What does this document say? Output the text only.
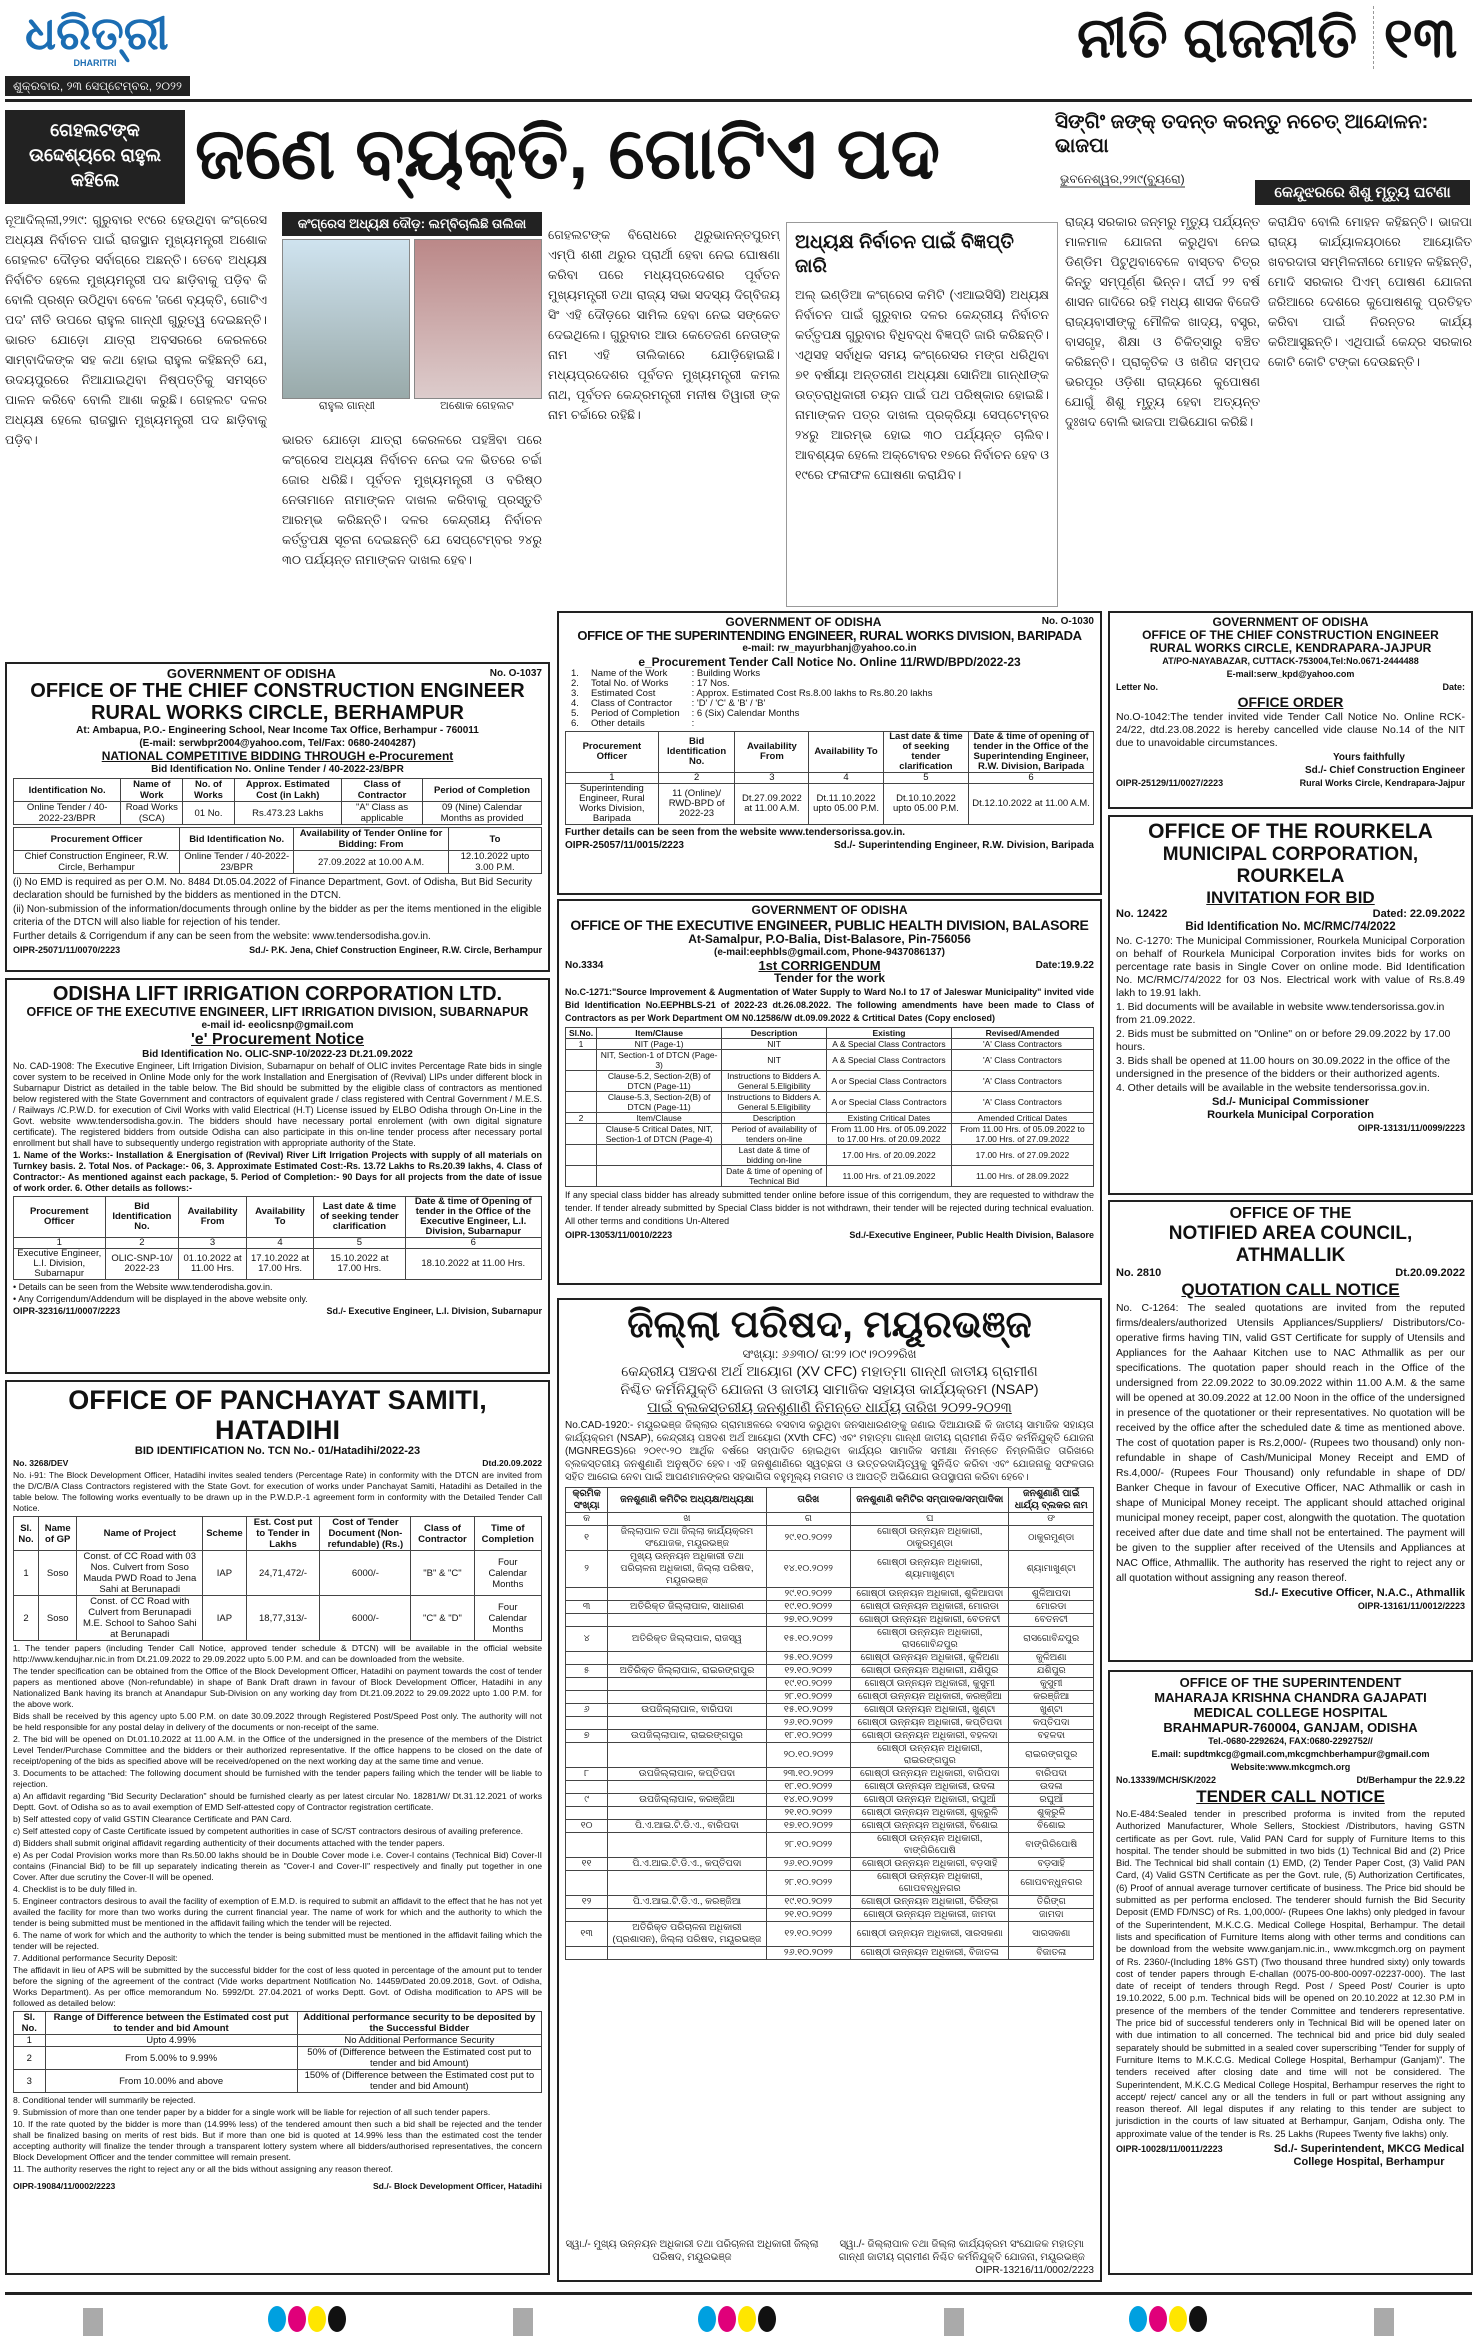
ଧରିତ୍ରୀ
DHARITRI
ଶୁକ୍ରବାର, ୨୩ ସେପ୍ଟେମ୍ବର, ୨୦୨୨
ନୀତି ରାଜନୀତି ୧୩
ଗେହଲଟଙ୍କ ଉଦ୍ଦେଶ୍ୟରେ ରାହୁଲ କହିଲେ	ଜଣେ ବ୍ୟକ୍ତି, ଗୋଟିଏ ପଦ	ସିଙ୍ଗିଂ ଜଙ୍କ୍ ତଦନ୍ତ କରନ୍ତୁ ନଚେତ୍ ଆନ୍ଦୋଳନ: ଭାଜପା
ଭୁବନେଶ୍ୱର,୨୨ା୯(ବ୍ୟୁରୋ)
କେନ୍ଦୁଝରରେ ଶିଶୁ ମୃତ୍ୟୁ ଘଟଣା
ନୂଆଦିଲ୍ଲୀ,୨୨ା୯: ଗୁରୁବାର ୧୯ରେ ହେଉଥିବା କଂଗ୍ରେସ ଅଧ୍ୟକ୍ଷ ନିର୍ବାଚନ ପାଇଁ ରାଜସ୍ଥାନ ମୁଖ୍ୟମନ୍ତ୍ରୀ ଅଶୋକ ଗେହଲଟ ଦୌଡ଼ର ସର୍ବାଗ୍ରେ ଅଛନ୍ତି। ତେବେ ଅଧ୍ୟକ୍ଷ ନିର୍ବାଚିତ ହେଲେ ମୁଖ୍ୟମନ୍ତ୍ରୀ ପଦ ଛାଡ଼ିବାକୁ ପଡ଼ିବ କି ବୋଲି ପ୍ରଶ୍ନ ଉଠିଥିବା ବେଳେ 'ଜଣେ ବ୍ୟକ୍ତି, ଗୋଟିଏ ପଦ' ନୀତି ଉପରେ ରାହୁଲ ଗାନ୍ଧୀ ଗୁରୁତ୍ୱ ଦେଇଛନ୍ତି। ଭାରତ ଯୋଡ଼ୋ ଯାତ୍ରା ଅବସରରେ କେରଳରେ ସାମ୍ବାଦିକଙ୍କ ସହ କଥା ହୋଇ ରାହୁଲ କହିଛନ୍ତି ଯେ, ଉଦୟପୁରରେ ନିଆଯାଇଥିବା ନିଷ୍ପତ୍ତିକୁ ସମସ୍ତେ ପାଳନ କରିବେ ବୋଲି ଆଶା କରୁଛି। ଗେହଲଟ ଦଳର ଅଧ୍ୟକ୍ଷ ହେଲେ ରାଜସ୍ଥାନ ମୁଖ୍ୟମନ୍ତ୍ରୀ ପଦ ଛାଡ଼ିବାକୁ ପଡ଼ିବ।
କଂଗ୍ରେସ ଅଧ୍ୟକ୍ଷ ଦୌଡ଼: ଲମ୍ବିଚାଲିଛି ତାଲିକା
ରାହୁଲ ଗାନ୍ଧୀ	ଅଶୋକ ଗେହଲଟ
ଭାରତ ଯୋଡ଼ୋ ଯାତ୍ରା କେରଳରେ ପହଞ୍ଚିବା ପରେ କଂଗ୍ରେସ ଅଧ୍ୟକ୍ଷ ନିର୍ବାଚନ ନେଇ ଦଳ ଭିତରେ ଚର୍ଚ୍ଚା ଜୋର ଧରିଛି। ପୂର୍ବତନ ମୁଖ୍ୟମନ୍ତ୍ରୀ ଓ ବରିଷ୍ଠ ନେତାମାନେ ନାମାଙ୍କନ ଦାଖଲ କରିବାକୁ ପ୍ରସ୍ତୁତି ଆରମ୍ଭ କରିଛନ୍ତି। ଦଳର କେନ୍ଦ୍ରୀୟ ନିର୍ବାଚନ କର୍ତ୍ତୃପକ୍ଷ ସୂଚନା ଦେଇଛନ୍ତି ଯେ ସେପ୍ଟେମ୍ବର ୨୪ରୁ ୩୦ ପର୍ଯ୍ୟନ୍ତ ନାମାଙ୍କନ ଦାଖଲ ହେବ।
ଗେହଲଟଙ୍କ ବିରୋଧରେ ଥିରୁଭାନନ୍ତପୁରମ୍ ଏମ୍‌ପି ଶଶୀ ଥରୁର ପ୍ରାର୍ଥୀ ହେବା ନେଇ ଘୋଷଣା କରିବା ପରେ ମଧ୍ୟପ୍ରଦେଶର ପୂର୍ବତନ ମୁଖ୍ୟମନ୍ତ୍ରୀ ତଥା ରାଜ୍ୟ ସଭା ସଦସ୍ୟ ଦିଗ୍‌ବିଜୟ ସିଂ ଏହି ଦୌଡ଼ରେ ସାମିଲ ହେବା ନେଇ ସଙ୍କେତ ଦେଇଥିଲେ। ଗୁରୁବାର ଆଉ କେତେଜଣ ନେତାଙ୍କ ନାମ ଏହି ତାଲିକାରେ ଯୋଡ଼ିହୋଇଛି। ମଧ୍ୟପ୍ରଦେଶର ପୂର୍ବତନ ମୁଖ୍ୟମନ୍ତ୍ରୀ କମଲ ନାଥ, ପୂର୍ବତନ କେନ୍ଦ୍ରମନ୍ତ୍ରୀ ମନୀଷ ତିୱାରୀ ଙ୍କ ନାମ ଚର୍ଚ୍ଚାରେ ରହିଛି।
ଅଧ୍ୟକ୍ଷ ନିର୍ବାଚନ ପାଇଁ ବିଜ୍ଞପ୍ତି ଜାରି
ଅଲ୍ ଇଣ୍ଡିଆ କଂଗ୍ରେସ କମିଟି (ଏଆଇସିସି) ଅଧ୍ୟକ୍ଷ ନିର୍ବାଚନ ପାଇଁ ଗୁରୁବାର ଦଳର କେନ୍ଦ୍ରୀୟ ନିର୍ବାଚନ କର୍ତ୍ତୃପକ୍ଷ ଗୁରୁବାର ବିଧିବଦ୍ଧ ବିଜ୍ଞପ୍ତି ଜାରି କରିଛନ୍ତି। ଏଥିସହ ସର୍ବାଧିକ ସମୟ କଂଗ୍ରେସର ମଙ୍ଗ ଧରିଥିବା ୭୧ ବର୍ଷୀୟା ଅନ୍ତରୀଣ ଅଧ୍ୟକ୍ଷା ସୋନିଆ ଗାନ୍ଧୀଙ୍କ ଉତ୍ତରାଧିକାରୀ ଚୟନ ପାଇଁ ପଥ ପରିଷ୍କାର ହୋଇଛି। ନାମାଙ୍କନ ପତ୍ର ଦାଖଲ ପ୍ରକ୍ରିୟା ସେପ୍ଟେମ୍ବର ୨୪ରୁ ଆରମ୍ଭ ହୋଇ ୩୦ ପର୍ଯ୍ୟନ୍ତ ଚାଲିବ। ଆବଶ୍ୟକ ହେଲେ ଅକ୍ଟୋବର ୧୭ରେ ନିର୍ବାଚନ ହେବ ଓ ୧୯ରେ ଫଳାଫଳ ଘୋଷଣା କରାଯିବ।
ରାଜ୍ୟ ସରକାର ଜନ୍ମରୁ ମୃତ୍ୟୁ ପର୍ଯ୍ୟନ୍ତ ମାଳମାଳ ଯୋଜନା କରୁଥିବା ନେଇ ଡିଣ୍ଡିମ ପିଟୁଥିବାବେଳେ ବାସ୍ତବ ଚିତ୍ର କିନ୍ତୁ ସମ୍ପୂର୍ଣ୍ଣ ଭିନ୍ନ। ଦୀର୍ଘ ୨୨ ବର୍ଷ ଶାସନ ଗାଦିରେ ରହି ମଧ୍ୟ ଶାସକ ବିଜେଡି ରାଜ୍ୟବାସୀଙ୍କୁ ମୌଳିକ ଖାଦ୍ୟ, ବସ୍ତ୍ର, ବାସଗୃହ, ଶିକ୍ଷା ଓ ଚିକିତ୍ସାରୁ ବଞ୍ଚିତ କରିଛନ୍ତି। ପ୍ରାକୃତିକ ଓ ଖଣିଜ ସମ୍ପଦ ଭରପୂର ଓଡ଼ିଶା ରାଜ୍ୟରେ କୁପୋଷଣ ଯୋଗୁଁ ଶିଶୁ ମୃତ୍ୟୁ ହେବା ଅତ୍ୟନ୍ତ ଦୁଃଖଦ ବୋଲି ଭାଜପା ଅଭିଯୋଗ କରିଛି।
କରାଯିବ ବୋଲି ମୋହନ କହିଛନ୍ତି। ଭାଜପା ରାଜ୍ୟ କାର୍ଯ୍ୟାଳୟଠାରେ ଆୟୋଜିତ ଖବରଦାତା ସମ୍ମିଳନୀରେ ମୋହନ କହିଛନ୍ତି, ମୋଦି ସରକାର ପିଏମ୍ ପୋଷଣ ଯୋଜନା ଜରିଆରେ ଦେଶରେ କୁପୋଷଣକୁ ପ୍ରତିହତ କରିବା ପାଇଁ ନିରନ୍ତର କାର୍ଯ୍ୟ କରିଆସୁଛନ୍ତି। ଏଥିପାଇଁ କେନ୍ଦ୍ର ସରକାର କୋଟି କୋଟି ଟଙ୍କା ଦେଉଛନ୍ତି।
GOVERNMENT OF ODISHA	No. O-1037
OFFICE OF THE CHIEF CONSTRUCTION ENGINEER
RURAL WORKS CIRCLE, BERHAMPUR
At: Ambapua, P.O.- Engineering School, Near Income Tax Office, Berhampur - 760011
(E-mail: serwbpr2004@yahoo.com, Tel/Fax: 0680-2404287)
NATIONAL COMPETITIVE BIDDING THROUGH e-Procurement
Bid Identification No. Online Tender / 40-2022-23/BPR
Identification No.	Name of Work	No. of Works	Approx. Estimated Cost (in Lakh)	Class of Contractor	Period of Completion
Online Tender / 40-2022-23/BPR	Road Works (SCA)	01 No.	Rs.473.23 Lakhs	"A" Class as applicable	09 (Nine) Calendar Months as provided
Procurement Officer	Bid Identification No.	Availability of Tender Online for Bidding: From	To
Chief Construction Engineer, R.W. Circle, Berhampur	Online Tender / 40-2022-23/BPR	27.09.2022 at 10.00 A.M.	12.10.2022 upto 3.00 P.M.

(i) No EMD is required as per O.M. No. 8484 Dt.05.04.2022 of Finance Department, Govt. of Odisha, But Bid Security declaration should be furnished by the bidders as mentioned in the DTCN.

(ii) Non-submission of the information/documents through online by the bidder as per the items mentioned in the eligible criteria of the DTCN will also liable for rejection of his tender.

Further details & Corrigendum if any can be seen from the website: www.tendersodisha.gov.in.

OIPR-25071/11/0070/2223	Sd./- P.K. Jena, Chief Construction Engineer, R.W. Circle, Berhampur
ODISHA LIFT IRRIGATION CORPORATION LTD.
OFFICE OF THE EXECUTIVE ENGINEER, LIFT IRRIGATION DIVISION, SUBARNAPUR
e-mail id- eeolicsnp@gmail.com
'e' Procurement Notice
Bid Identification No. OLIC-SNP-10/2022-23 Dt.21.09.2022

No. CAD-1908: The Executive Engineer, Lift Irrigation Division, Subarnapur on behalf of OLIC invites Percentage Rate bids in single cover system to be received in Online Mode only for the work Installation and Energisation of (Revival) LIPs under different block in Subarnapur District as detailed in the table below. The Bid should be submitted by the eligible class of contractors as mentioned below registered with the State Government and contractors of equivalent grade / class registered with Central Government / M.E.S. / Railways /C.P.W.D. for execution of Civil Works with valid Electrical (H.T) License issued by ELBO Odisha through On-Line in the Govt. website www.tendersodisha.gov.in. The bidders should have necessary portal enrolement (with own digital signature certificate). The registered bidders from outside Odisha can also participate in this on-line tender process after necessary portal enrollment but shall have to subsequently undergo registration with appropriate authority of the State.

1. Name of the Works:- Installation & Energisation of (Revival) River Lift Irrigation Projects with supply of all materials on Turnkey basis. 2. Total Nos. of Package:- 06, 3. Approximate Estimated Cost:-Rs. 13.72 Lakhs to Rs.20.39 lakhs, 4. Class of Contractor:- As mentioned against each package, 5. Period of Completion:- 90 Days for all projects from the date of issue of work order. 6. Other details as follows:-

Procurement Officer	Bid Identification No.	Availability From	Availability To	Last date & time of seeking tender clarification	Date & time of Opening of tender in the Office of the Executive Engineer, L.I. Division, Subarnapur
1	2	3	4	5	6
Executive Engineer, L.I. Division, Subarnapur	OLIC-SNP-10/ 2022-23	01.10.2022 at 11.00 Hrs.	17.10.2022 at 17.00 Hrs.	15.10.2022 at 17.00 Hrs.	18.10.2022 at 11.00 Hrs.

• Details can be seen from the Website www.tenderodisha.gov.in.

• Any Corrigendum/Addendum will be displayed in the above website only.

OIPR-32316/11/0007/2223	Sd./- Executive Engineer, L.I. Division, Subarnapur
OFFICE OF PANCHAYAT SAMITI, HATADIHI
BID IDENTIFICATION No. TCN No.- 01/Hatadihi/2022-23
No. 3268/DEV	Dtd.20.09.2022

No. i-91: The Block Development Officer, Hatadihi invites sealed tenders (Percentage Rate) in conformity with the DTCN are invited from the D/C/B/A Class Contractors registered with the State Govt. for execution of works under Panchayat Samiti, Hatadihi as Detailed in the table below. The following works eventually to be drawn up in the P.W.D.P.-1 agreement form in conformity with the Detailed Tender Call Notice.

Sl. No.	Name of GP	Name of Project	Scheme	Est. Cost put to Tender in Lakhs	Cost of Tender Document (Non-refundable) (Rs.)	Class of Contractor	Time of Completion
1	Soso	Const. of CC Road with 03 Nos. Culvert from Soso Mauda PWD Road to Jena Sahi at Berunapadi	IAP	24,71,472/-	6000/-	"B" & "C"	Four Calendar Months
2	Soso	Const. of CC Road with Culvert from Berunapadi M.E. School to Sahoo Sahi at Berunapadi	IAP	18,77,313/-	6000/-	"C" & "D"	Four Calendar Months

1. The tender papers (including Tender Call Notice, approved tender schedule & DTCN) will be available in the official website http://www.kendujhar.nic.in from Dt.21.09.2022 to 29.09.2022 upto 5.00 P.M. and can be downloaded from the website.

The tender specification can be obtained from the Office of the Block Development Officer, Hatadihi on payment towards the cost of tender papers as mentioned above (Non-refundable) in shape of Bank Draft drawn in favour of Block Development Officer, Hatadihi in any Nationalized Bank having its branch at Anandapur Sub-Division on any working day from Dt.21.09.2022 to 29.09.2022 upto 1.00 P.M. for the above work.

Bids shall be received by this agency upto 5.00 P.M. on date 30.09.2022 through Registered Post/Speed Post only. The authority will not be held responsible for any postal delay in delivery of the documents or non-receipt of the same.

2. The bid will be opened on Dt.01.10.2022 at 11.00 A.M. in the Office of the undersigned in the presence of the members of the District Level Tender/Purchase Committee and the bidders or their authorized representative. If the office happens to be closed on the date of receipt/opening of the bids as specified above will be received/opened on the next working day at the same time and venue.

3. Documents to be attached: The following document should be furnished with the tender papers failing which the tender will be liable to rejection.

a) An affidavit regarding "Bid Security Declaration" should be furnished clearly as per latest circular No. 18281/W/ Dt.31.12.2021 of works Deptt. Govt. of Odisha so as to avail exemption of EMD Self-attested copy of Contractor registration certificate.

b) Self attested copy of valid GSTIN Clearance Certificate and PAN Card.

c) Self attested copy of Caste Certificate issued by competent authorities in case of SC/ST contractors desirous of availing preference.

d) Bidders shall submit original affidavit regarding authenticity of their documents attached with the tender papers.

e) As per Codal Provision works more than Rs.50.00 lakhs should be in Double Cover mode i.e. Cover-I contains (Technical Bid) Cover-II contains (Financial Bid) to be fill up separately indicating therein as "Cover-I and Cover-II" respectively and finally put together in one Cover. After due scrutiny the Cover-II will be opened.

4. Checklist is to be duly filled in.

5. Engineer contractors desirous to avail the facility of exemption of E.M.D. is required to submit an affidavit to the effect that he has not yet availed the facility for more than two works during the current financial year. The name of work for which and the authority to which the tender is being submitted must be mentioned in the affidavit failing which the tender will be rejected.

6. The name of work for which and the authority to which the tender is being submitted must be mentioned in the affidavit failing which the tender will be rejected.

7. Additional performance Security Deposit:

The affidavit in lieu of APS will be submitted by the successful bidder for the cost of less quoted in percentage of the amount put to tender before the signing of the agreement of the contract (Vide works department Notification No. 14459/Dated 20.09.2018, Govt. of Odisha, Works Department). As per office memorandum No. 5992/Dt. 27.04.2021 of works Deptt. Govt. of Odisha modification to APS will be followed as detailed below:

Sl. No.	Range of Difference between the Estimated cost put to tender and bid Amount	Additional performance security to be deposited by the Successful Bidder
1	Upto 4.99%	No Additional Performance Security
2	From 5.00% to 9.99%	50% of (Difference between the Estimated cost put to tender and bid Amount)
3	From 10.00% and above	150% of (Difference between the Estimated cost put to tender and bid Amount)

8. Conditional tender will summarily be rejected.

9. Submission of more than one tender paper by a bidder for a single work will be liable for rejection of all such tender papers.

10. If the rate quoted by the bidder is more than (14.99% less) of the tendered amount then such a bid shall be rejected and the tender shall be finalized basing on merits of rest bids. But if more than one bid is quoted at 14.99% less than the estimated cost the tender accepting authority will finalize the tender through a transparent lottery system where all bidders/authorised representatives, the concern Block Development Officer and the tender committee will remain present.

11. The authority reserves the right to reject any or all the bids without assigning any reason thereof.

OIPR-19084/11/0002/2223	Sd./- Block Development Officer, Hatadihi
GOVERNMENT OF ODISHA	No. O-1030
OFFICE OF THE SUPERINTENDING ENGINEER, RURAL WORKS DIVISION, BARIPADA
e-mail: rw_mayurbhanj@yahoo.co.in
e_Procurement Tender Call Notice No. Online 11/RWD/BPD/2022-23
1.	Name of the Work	: Building Works
2.	Total No. of Works	: 17 Nos.
3.	Estimated Cost	: Approx. Estimated Cost Rs.8.00 lakhs to Rs.80.20 lakhs
4.	Class of Contractor	: 'D' / 'C' & 'B' / 'B'
5.	Period of Completion	: 6 (Six) Calendar Months
6.	Other details	:
Procurement Officer	Bid Identification No.	Availability From	Availability To	Last date & time of seeking tender clarification	Date & time of opening of tender in the Office of the Superintending Engineer, R.W. Division, Baripada
1	2	3	4	5	6
Superintending Engineer, Rural Works Division, Baripada	11 (Online)/ RWD-BPD of 2022-23	Dt.27.09.2022 at 11.00 A.M.	Dt.11.10.2022 upto 05.00 P.M.	Dt.10.10.2022 upto 05.00 P.M.	Dt.12.10.2022 at 11.00 A.M.

Further details can be seen from the website www.tendersorissa.gov.in.

OIPR-25057/11/0015/2223	Sd./- Superintending Engineer, R.W. Division, Baripada
GOVERNMENT OF ODISHA
OFFICE OF THE EXECUTIVE ENGINEER, PUBLIC HEALTH DIVISION, BALASORE
At-Samalpur, P.O-Balia, Dist-Balasore, Pin-756056
(e-mail:eephbls@gmail.com, Phone-9437086137)
No.3334	1st CORRIGENDUM	Date:19.9.22
Tender for the work

No.C-1271:"Source Improvement & Augmentation of Water Supply to Ward No.I to 17 of Jaleswar Municipality" invited vide Bid Identification No.EEPHBLS-21 of 2022-23 dt.26.08.2022. The following amendments have been made to Class of Contractors as per Work Department OM N0.12586/W dt.09.09.2022 & Crtitical Dates (Copy enclosed)

Sl.No.	Item/Clause	Description	Existing	Revised/Amended
1	NIT (Page-1)	NIT	A & Special Class Contractors	'A' Class Contractors
	NIT, Section-1 of DTCN (Page-3)	NIT	A & Special Class Contractors	'A' Class Contractors
	Clause-5.2, Section-2(B) of DTCN (Page-11)	Instructions to Bidders A. General 5.Eligibility	A or Special Class Contractors	'A' Class Contractors
	Clause-5.3, Section-2(B) of DTCN (Page-11)	Instructions to Bidders A. General 5.Eligibility	A or Special Class Contractors	'A' Class Contractors
2	Item/Clause	Description	Existing Critical Dates	Amended Critical Dates
	Clause-5 Critical Dates, NIT, Section-1 of DTCN (Page-4)	Period of availability of tenders on-line	From 11.00 Hrs. of 05.09.2022 to 17.00 Hrs. of 20.09.2022	From 11.00 Hrs. of 05.09.2022 to 17.00 Hrs. of 27.09.2022
		Last date & time of bidding on-line	17.00 Hrs. of 20.09.2022	17.00 Hrs. of 27.09.2022
		Date & time of opening of Technical Bid	11.00 Hrs. of 21.09.2022	11.00 Hrs. of 28.09.2022

If any special class bidder has already submitted tender online before issue of this corrigendum, they are requested to withdraw the tender. If tender already submitted by Special Class bidder is not withdrawn, their tender will be rejected during technical evaluation. All other terms and conditions Un-Altered

OIPR-13053/11/0010/2223	Sd./-Executive Engineer, Public Health Division, Balasore
ଜିଲ୍ଲା ପରିଷଦ, ମୟୂରଭଞ୍ଜ
ସଂଖ୍ୟା: ୬୬୩୦/ ତା:୨୨।୦୯।୨୦୨୨ରିଖ
କେନ୍ଦ୍ରୀୟ ପଞ୍ଚଦଶ ଅର୍ଥ ଆୟୋଗ (XV CFC) ମହାତ୍ମା ଗାନ୍ଧୀ ଜାତୀୟ ଗ୍ରାମୀଣ
ନିଶ୍ଚିତ କର୍ମନିଯୁକ୍ତି ଯୋଜନା ଓ ଜାତୀୟ ସାମାଜିକ ସହାୟତା କାର୍ଯ୍ୟକ୍ରମ (NSAP)
ପାଇଁ ବ୍ଲକସ୍ତରୀୟ ଜନଶୁଣାଣି ନିମନ୍ତେ ଧାର୍ଯ୍ୟ ତାରିଖ ୨୦୨୨-୨୦୨୩

No.CAD-1920:- ମୟୂରଭଞ୍ଜ ଜିଲ୍ଲାର ଗ୍ରାମାଞ୍ଚଳରେ ବସବାସ କରୁଥିବା ଜନସାଧାରଣଙ୍କୁ ଜଣାଇ ଦିଆଯାଉଛି କି ଜାତୀୟ ସାମାଜିକ ସହାୟତା କାର୍ଯ୍ୟକ୍ରମ (NSAP), କେନ୍ଦ୍ରୀୟ ପଞ୍ଚଦଶ ଅର୍ଥ ଆୟୋଗ (XVth CFC) ଏବଂ ମହାତ୍ମା ଗାନ୍ଧୀ ଜାତୀୟ ଗ୍ରାମୀଣ ନିଶ୍ଚିତ କର୍ମନିଯୁକ୍ତି ଯୋଜନା (MGNREGS)ରେ ୨୦୧୯-୨୦ ଆର୍ଥିକ ବର୍ଷରେ ସମ୍ପାଦିତ ହୋଇଥିବା କାର୍ଯ୍ୟର ସାମାଜିକ ସମୀକ୍ଷା ନିମନ୍ତେ ନିମ୍ନଲିଖିତ ତାରିଖରେ ବ୍ଲକସ୍ତରୀୟ ଜନଶୁଣାଣି ଅନୁଷ୍ଠିତ ହେବ। ଏହି ଜନଶୁଣାଣିରେ ସ୍ୱଚ୍ଛତା ଓ ଉତ୍ତରଦାୟିତ୍ୱକୁ ସୁନିଶ୍ଚିତ କରିବା ଏବଂ ଯୋଜନାକୁ ସଫଳତାର ସହିତ ଆଗେଇ ନେବା ପାଇଁ ଆପଣମାନଙ୍କର ସହଭାଗିତା ବହୁମୂଲ୍ୟ ମତାମତ ଓ ଆପତ୍ତି ଅଭିଯୋଗ ଉପସ୍ଥାପନା କରିବା ହେବେ।

କ୍ରମିକ ସଂଖ୍ୟା	ଜନଶୁଣାଣି କମିଟିର ଅଧ୍ୟକ୍ଷ/ଅଧ୍ୟକ୍ଷା	ତାରିଖ	ଜନଶୁଣାଣି କମିଟିର ସମ୍ପାଦକ/ସମ୍ପାଦିକା	ଜନଶୁଣାଣି ପାଇଁ ଧାର୍ଯ୍ୟ ବ୍ଲକର ନାମ
କ	ଖ	ଗ	ଘ	ଙ
୧	ଜିଲ୍ଲାପାଳ ତଥା ଜିଲ୍ଲା କାର୍ଯ୍ୟକ୍ରମ ସଂଯୋଜକ, ମୟୂରଭଞ୍ଜ	୨୯.୧୦.୨୦୨୨	ଗୋଷ୍ଠୀ ଉନ୍ନୟନ ଅଧିକାରୀ, ଠାକୁରମୁଣ୍ଡା	ଠାକୁରମୁଣ୍ଡା
୨	ମୁଖ୍ୟ ଉନ୍ନୟନ ଅଧିକାରୀ ତଥା ପରିଚାଳନା ଅଧିକାରୀ, ଜିଲ୍ଲା ପରିଷଦ, ମୟୂରଭଞ୍ଜ	୧୪.୧୦.୨୦୨୨	ଗୋଷ୍ଠୀ ଉନ୍ନୟନ ଅଧିକାରୀ, ଶ୍ୟାମାଖୁଣ୍ଟା	ଶ୍ୟାମାଖୁଣ୍ଟା
		୨୯.୧୦.୨୦୨୨	ଗୋଷ୍ଠୀ ଉନ୍ନୟନ ଅଧିକାରୀ, ଶୁଳିଆପଦା	ଶୁଳିଆପଦା
୩	ଅତିରିକ୍ତ ଜିଲ୍ଲାପାଳ, ସାଧାରଣ	୧୯.୧୦.୨୦୨୨	ଗୋଷ୍ଠୀ ଉନ୍ନୟନ ଅଧିକାରୀ, ମୋରଡା	ମୋରଡା
		୨୭.୧୦.୨୦୨୨	ଗୋଷ୍ଠୀ ଉନ୍ନୟନ ଅଧିକାରୀ, ବେତନଟୀ	ବେତନଟୀ
୪	ଅତିରିକ୍ତ ଜିଲ୍ଲାପାଳ, ରାଜସ୍ୱ	୧୫.୧୦.୨୦୨୨	ଗୋଷ୍ଠୀ ଉନ୍ନୟନ ଅଧିକାରୀ, ରାସଗୋବିନ୍ଦପୁର	ରାସଗୋବିନ୍ଦପୁର
		୨୫.୧୦.୨୦୨୨	ଗୋଷ୍ଠୀ ଉନ୍ନୟନ ଅଧିକାରୀ, କୁଳିଅଣା	କୁଳିଅଣା
୫	ଅତିରିକ୍ତ ଜିଲ୍ଲାପାଳ, ରାଇରଙ୍ଗପୁର	୧୨.୧୦.୨୦୨୨	ଗୋଷ୍ଠୀ ଉନ୍ନୟନ ଅଧିକାରୀ, ଯଶିପୁର	ଯଶିପୁର
		୧୯.୧୦.୨୦୨୨	ଗୋଷ୍ଠୀ ଉନ୍ନୟନ ଅଧିକାରୀ, କୁସୁମୀ	କୁସୁମୀ
		୨୮.୧୦.୨୦୨୨	ଗୋଷ୍ଠୀ ଉନ୍ନୟନ ଅଧିକାରୀ, କରଞ୍ଜିଆ	କରଞ୍ଜିଆ
୬	ଉପଜିଲ୍ଲାପାଳ, ବାରିପଦା	୧୫.୧୦.୨୦୨୨	ଗୋଷ୍ଠୀ ଉନ୍ନୟନ ଅଧିକାରୀ, ଖୁଣ୍ଟା	ଖୁଣ୍ଟା
		୨୬.୧୦.୨୦୨୨	ଗୋଷ୍ଠୀ ଉନ୍ନୟନ ଅଧିକାରୀ, କପ୍ତିପଦା	କପ୍ତିପଦା
୭	ଉପଜିଲ୍ଲାପାଳ, ରାଇରଙ୍ଗପୁର	୧୮.୧୦.୨୦୨୨	ଗୋଷ୍ଠୀ ଉନ୍ନୟନ ଅଧିକାରୀ, ବହଳଦା	ବହଳଦା
		୨୦.୧୦.୨୦୨୨	ଗୋଷ୍ଠୀ ଉନ୍ନୟନ ଅଧିକାରୀ, ରାଇରଙ୍ଗପୁର	ରାଇରଙ୍ଗପୁର
୮	ଉପଜିଲ୍ଲାପାଳ, କପ୍ତିପଦା	୨୩.୧୦.୨୦୨୨	ଗୋଷ୍ଠୀ ଉନ୍ନୟନ ଅଧିକାରୀ, ବାରିପଦା	ବାରିପଦା
		୧୮.୧୦.୨୦୨୨	ଗୋଷ୍ଠୀ ଉନ୍ନୟନ ଅଧିକାରୀ, ଉଦଳା	ଉଦଳା
୯	ଉପଜିଲ୍ଲାପାଳ, କରଞ୍ଜିଆ	୧୪.୧୦.୨୦୨୨	ଗୋଷ୍ଠୀ ଉନ୍ନୟନ ଅଧିକାରୀ, ରଘୁଆଁ	ରଘୁଆଁ
		୨୧.୧୦.୨୦୨୨	ଗୋଷ୍ଠୀ ଉନ୍ନୟନ ଅଧିକାରୀ, ଶୁକ୍ରୁଳି	ଶୁକ୍ରୁଳି
୧୦	ପି.ଏ.ଆଇ.ଟି.ଡି.ଏ., ବାରିପଦା	୧୭.୧୦.୨୦୨୨	ଗୋଷ୍ଠୀ ଉନ୍ନୟନ ଅଧିକାରୀ, ବିଶୋଇ	ବିଶୋଇ
		୨୮.୧୦.୨୦୨୨	ଗୋଷ୍ଠୀ ଉନ୍ନୟନ ଅଧିକାରୀ, ବାଙ୍ଗିରିପୋଷି	ବାଙ୍ଗିରିପୋଷି
୧୧	ପି.ଏ.ଆଇ.ଟି.ଡି.ଏ., କପ୍ତିପଦା	୨୬.୧୦.୨୦୨୨	ଗୋଷ୍ଠୀ ଉନ୍ନୟନ ଅଧିକାରୀ, ବଡ଼ସାହି	ବଡ଼ସାହି
		୨୮.୧୦.୨୦୨୨	ଗୋଷ୍ଠୀ ଉନ୍ନୟନ ଅଧିକାରୀ, ଗୋପବନ୍ଧୁନଗର	ଗୋପବନ୍ଧୁନଗର
୧୨	ପି.ଏ.ଆଇ.ଟି.ଡି.ଏ., କରଞ୍ଜିଆ	୧୯.୧୦.୨୦୨୨	ଗୋଷ୍ଠୀ ଉନ୍ନୟନ ଅଧିକାରୀ, ତିରିଙ୍ଗ	ତିରିଙ୍ଗ
		୨୧.୧୦.୨୦୨୨	ଗୋଷ୍ଠୀ ଉନ୍ନୟନ ଅଧିକାରୀ, ଜାମଦା	ଜାମଦା
୧୩	ଅତିରିକ୍ତ ପରିଚାଳନା ଅଧିକାରୀ (ପ୍ରଶାସନ), ଜିଲ୍ଲା ପରିଷଦ, ମୟୂରଭଞ୍ଜ	୧୨.୧୦.୨୦୨୨	ଗୋଷ୍ଠୀ ଉନ୍ନୟନ ଅଧିକାରୀ, ସାରସକଣା	ସାରସକଣା
		୨୬.୧୦.୨୦୨୨	ଗୋଷ୍ଠୀ ଉନ୍ନୟନ ଅଧିକାରୀ, ବିଜାତଳା	ବିଜାତଳା
ସ୍ୱା./- ମୁଖ୍ୟ ଉନ୍ନୟନ ଅଧିକାରୀ ତଥା ପରିଚାଳନା ଅଧିକାରୀ ଜିଲ୍ଲା ପରିଷଦ, ମୟୂରଭଞ୍ଜ
ସ୍ୱା./- ଜିଲ୍ଲାପାଳ ତଥା ଜିଲ୍ଲା କାର୍ଯ୍ୟକ୍ରମ ସଂଯୋଜକ ମହାତ୍ମା ଗାନ୍ଧୀ ଜାତୀୟ ଗ୍ରାମୀଣ ନିଶ୍ଚିତ କର୍ମନିଯୁକ୍ତି ଯୋଜନା, ମୟୂରଭଞ୍ଜ
OIPR-13216/11/0002/2223
GOVERNMENT OF ODISHA
OFFICE OF THE CHIEF CONSTRUCTION ENGINEER
RURAL WORKS CIRCLE, KENDRAPARA-JAJPUR
AT/PO-NAYABAZAR, CUTTACK-753004,Tel:No.0671-2444488
E-mail:serw_kpd@yahoo.com
Letter No.	Date:
OFFICE ORDER

No.O-1042:The tender invited vide Tender Call Notice No. Online RCK-24/22, dtd.23.08.2022 is hereby cancelled vide clause No.14 of the NIT due to unavoidable circumstances.

Yours faithfully
Sd./- Chief Construction Engineer
OIPR-25129/11/0027/2223	Rural Works Circle, Kendrapara-Jajpur
OFFICE OF THE ROURKELA
MUNICIPAL CORPORATION, ROURKELA
INVITATION FOR BID
No. 12422	Dated: 22.09.2022
Bid Identification No. MC/RMC/74/2022

No. C-1270: The Municipal Commissioner, Rourkela Municipal Corporation on behalf of Rourkela Municipal Corporation invites bids for works on percentage rate basis in Single Cover on online mode. Bid Identification No. MC/RMC/74/2022 for 03 Nos. Electrical work with value of Rs.8.49 lakh to 19.91 lakh.

1. Bid documents will be available in website www.tendersorissa.gov.in from 21.09.2022.

2. Bids must be submitted on "Online" on or before 29.09.2022 by 17.00 hours.

3. Bids shall be opened at 11.00 hours on 30.09.2022 in the office of the undersigned in the presence of the bidders or their authorized agents.

4. Other details will be available in the website tendersorissa.gov.in.

Sd./- Municipal Commissioner
Rourkela Municipal Corporation
OIPR-13131/11/0099/2223
OFFICE OF THE
NOTIFIED AREA COUNCIL, ATHMALLIK
No. 2810	Dt.20.09.2022
QUOTATION CALL NOTICE

No. C-1264: The sealed quotations are invited from the reputed firms/dealers/authorized Utensils Appliances/Suppliers/ Distributors/Co-operative firms having TIN, valid GST Certificate for supply of Utensils and Appliances for the Aahaar Kitchen use to NAC Athmallik as per our specifications. The quotation paper should reach in the Office of the undersigned from 22.09.2022 to 30.09.2022 within 11.00 A.M. & the same will be opened at 30.09.2022 at 12.00 Noon in the office of the undersigned in presence of the quotationer or their representatives. No quotation will be received by the office after the scheduled date & time as mentioned above. The cost of quotation paper is Rs.2,000/- (Rupees two thousand) only non-refundable in shape of Cash/Municipal Money Receipt and EMD of Rs.4,000/- (Rupees Four Thousand) only refundable in shape of DD/ Banker Cheque in favour of Executive Officer, NAC Athmallik or cash in shape of Municipal Money receipt. The applicant should attached original municipal money receipt, paper cost, alongwith the quotation. The quotation received after due date and time shall not be entertained. The payment will be given to the supplier after received of the Utensils and Appliances at NAC Office, Athmallik. The authority has reserved the right to reject any or all quotation without assigning any reason thereof.

Sd./- Executive Officer, N.A.C., Athmallik
OIPR-13161/11/0012/2223
OFFICE OF THE SUPERINTENDENT
MAHARAJA KRISHNA CHANDRA GAJAPATI
MEDICAL COLLEGE HOSPITAL
BRAHMAPUR-760004, GANJAM, ODISHA
Tel.-0680-2292624, FAX:0680-2292752//
E.mail: supdtmkcg@gmail.com,mkcgmchberhampur@gmail.com
Website:www.mkcgmch.org
No.13339/MCH/SK/2022	Dt/Berhampur the 22.9.22
TENDER CALL NOTICE

No.E-484:Sealed tender in prescribed proforma is invited from the reputed Authorized Manufacturer, Whole Sellers, Stockiest /Distributors, having GSTN certificate as per Govt. rule, Valid PAN Card for supply of Furniture Items to this hospital. The tender should be submitted in two bids (1) Technical Bid and (2) Price Bid. The Technical bid shall contain (1) EMD, (2) Tender Paper Cost, (3) Valid PAN Card, (4) Valid GSTN Certificate as per the Govt. rule, (5) Authorization Certificates, (6) Proof of annual average turnover certificate of business. The Price bid should be submitted as per performa enclosed. The tenderer should furnish the Bid Security Deposit (EMD FD/NSC) of Rs. 1,00,000/- (Rupees One lakhs) only pledged in favour of the Superintendent, M.K.C.G. Medical College Hospital, Berhampur. The detail lists and specification of Furniture Items along with other terms and conditions can be download from the website www.ganjam.nic.in., www.mkcgmch.org on payment of Rs. 2360/-(Including 18% GST) (Two thousand three hundred sixty) only towards cost of tender papers through E-challan (0075-00-800-0097-02237-000). The last date of receipt of tenders through Regd. Post / Speed Post/ Courier is upto 19.10.2022, 5.00 p.m. Technical bids will be opened on 20.10.2022 at 12.30 P.M in presence of the members of the tender Committee and tenderers representative. The price bid of successful tenderers only in Technical Bid will be opened later on with due intimation to all concerned. The technical bid and price bid duly sealed separately should be submitted in a sealed cover superscribing "Tender for supply of Furniture Items to M.K.C.G. Medical College Hospital, Berhampur (Ganjam)". The tenders received after closing date and time will not be considered. The Superintendent, M.K.C.G Medical College Hospital, Berhampur reserves the right to accept/ reject/ cancel any or all the tenders in full or part without assigning any reason thereof. All legal disputes if any relating to this tender are subject to jurisdiction in the courts of law situated at Berhampur, Ganjam, Odisha only. The approximate value of the tender is Rs. 25 Lakhs (Rupees Twenty five lakhs) only.

OIPR-10028/11/0011/2223	Sd./- Superintendent, MKCG Medical College Hospital, Berhampur
